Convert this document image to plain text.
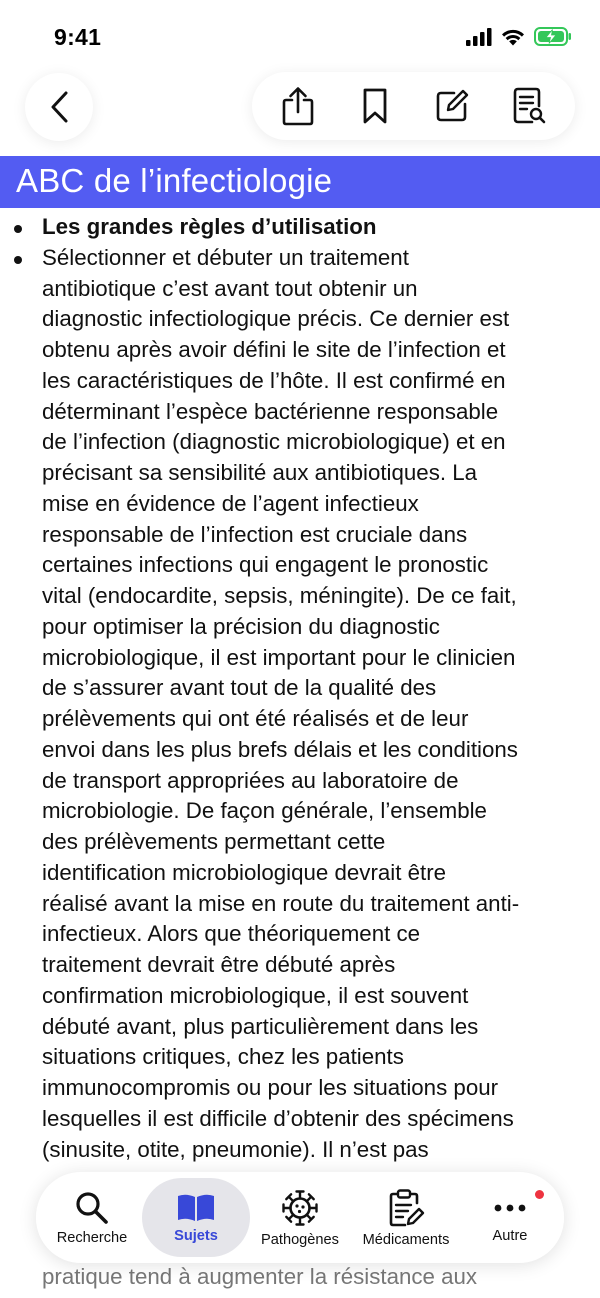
9:41
ABC de l’infectiologie
Les grandes règles d’utilisation
Sélectionner et débuter un traitement
antibiotique c’est avant tout obtenir un
diagnostic infectiologique précis. Ce dernier est
obtenu après avoir défini le site de l’infection et
les caractéristiques de l’hôte. Il est confirmé en
déterminant l’espèce bactérienne responsable
de l’infection (diagnostic microbiologique) et en
précisant sa sensibilité aux antibiotiques. La
mise en évidence de l’agent infectieux
responsable de l’infection est cruciale dans
certaines infections qui engagent le pronostic
vital (endocardite, sepsis, méningite). De ce fait,
pour optimiser la précision du diagnostic
microbiologique, il est important pour le clinicien
de s’assurer avant tout de la qualité des
prélèvements qui ont été réalisés et de leur
envoi dans les plus brefs délais et les conditions
de transport appropriées au laboratoire de
microbiologie. De façon générale, l’ensemble
des prélèvements permettant cette
identification microbiologique devrait être
réalisé avant la mise en route du traitement anti-
infectieux. Alors que théoriquement ce
traitement devrait être débuté après
confirmation microbiologique, il est souvent
débuté avant, plus particulièrement dans les
situations critiques, chez les patients
immunocompromis ou pour les situations pour
lesquelles il est difficile d’obtenir des spécimens
(sinusite, otite, pneumonie). Il n’est pas
pratique tend à augmenter la résistance aux
Recherche	Sujets	Pathogènes Médicaments	Autre
